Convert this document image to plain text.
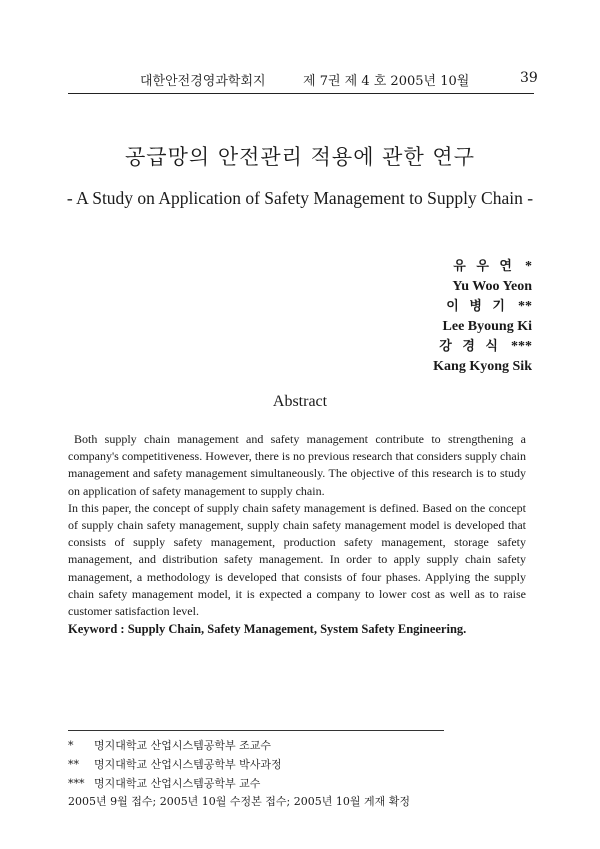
대한안전경영과학회지	제 7권 제 4 호 2005년 10월	39
공급망의 안전관리 적용에 관한 연구
- A Study on Application of Safety Management to Supply Chain -
유 우 연 *
Yu Woo Yeon
이 병 기 **
Lee Byoung Ki
강 경 식 ***
Kang Kyong Sik
Abstract

Both supply chain management and safety management contribute to strengthening a company's competitiveness. However, there is no previous research that considers supply chain management and safety management simultaneously. The objective of this research is to study on application of safety management to supply chain.

In this paper, the concept of supply chain safety management is defined. Based on the concept of supply chain safety management, supply chain safety management model is developed that consists of supply safety management, production safety management, storage safety management, and distribution safety management. In order to apply supply chain safety management, a methodology is developed that consists of four phases. Applying the supply chain safety management model, it is expected a company to lower cost as well as to raise customer satisfaction level.

Keyword : Supply Chain, Safety Management, System Safety Engineering.
* 명지대학교 산업시스템공학부 조교수
** 명지대학교 산업시스템공학부 박사과정
*** 명지대학교 산업시스템공학부 교수
2005년 9월 접수; 2005년 10월 수정본 접수; 2005년 10월 게재 확정
